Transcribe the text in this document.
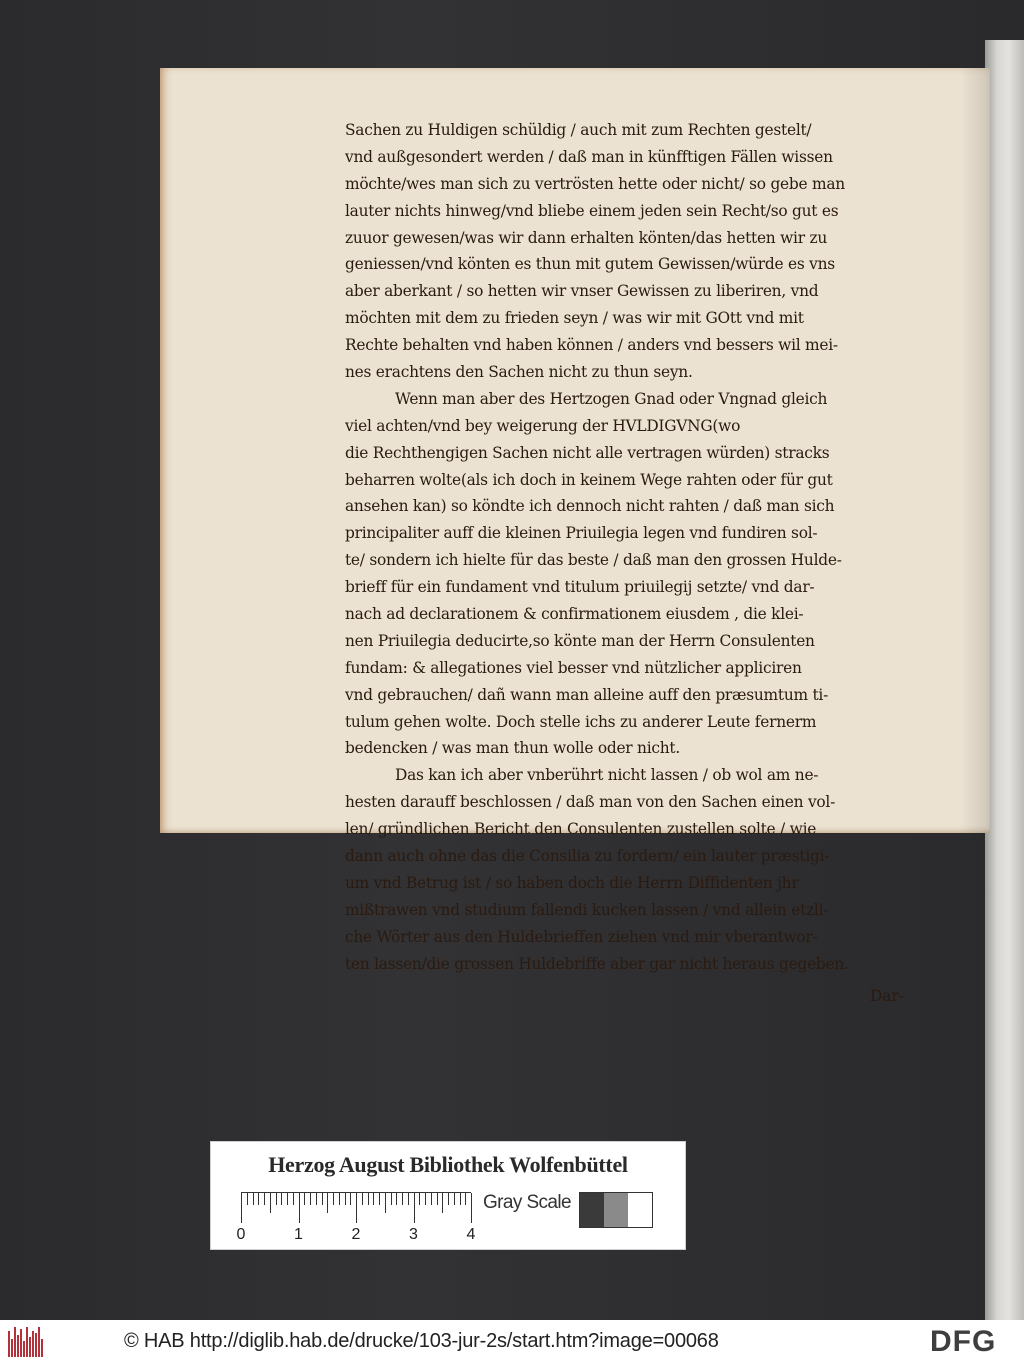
Sachen zu Huldigen schüldig / auch mit zum Rechten gestelt/
vnd außgesondert werden / daß man in künfftigen Fällen wissen
möchte/wes man sich zu vertrösten hette oder nicht/ so gebe man
lauter nichts hinweg/vnd bliebe einem jeden sein Recht/so gut es
zuuor gewesen/was wir dann erhalten könten/das hetten wir zu
geniessen/vnd könten es thun mit gutem Gewissen/würde es vns
aber aberkant / so hetten wir vnser Gewissen zu liberiren, vnd
möchten mit dem zu frieden seyn / was wir mit GOtt vnd mit
Rechte behalten vnd haben können / anders vnd bessers wil mei-
nes erachtens den Sachen nicht zu thun seyn.
Wenn man aber des Hertzogen Gnad oder Vngnad gleich
viel achten/vnd bey weigerung der HVLDIGVNG(wo
die Rechthengigen Sachen nicht alle vertragen würden) stracks
beharren wolte(als ich doch in keinem Wege rahten oder für gut
ansehen kan) so köndte ich dennoch nicht rahten / daß man sich
principaliter auff die kleinen Priuilegia legen vnd fundiren sol-
te/ sondern ich hielte für das beste / daß man den grossen Hulde-
brieff für ein fundament vnd titulum priuilegij setzte/ vnd dar-
nach ad declarationem & confirmationem eiusdem , die klei-
nen Priuilegia deducirte,so könte man der Herrn Consulenten
fundam: & allegationes viel besser vnd nützlicher appliciren
vnd gebrauchen/ dañ wann man alleine auff den præsumtum ti-
tulum gehen wolte. Doch stelle ichs zu anderer Leute fernerm
bedencken / was man thun wolle oder nicht.
Das kan ich aber vnberührt nicht lassen / ob wol am ne-
hesten darauff beschlossen / daß man von den Sachen einen vol-
len/ gründlichen Bericht den Consulenten zustellen solte / wie
dann auch ohne das die Consilia zu fordern/ ein lauter præstigi-
um vnd Betrug ist / so haben doch die Herrn Diffidenten jhr
mißtrawen vnd studium fallendi kucken lassen / vnd allein etzli-
che Wörter aus den Huldebrieffen ziehen vnd mir vberantwor-
ten lassen/die grossen Huldebriffe aber gar nicht heraus gegeben.
Dar-
Herzog August Bibliothek Wolfenbüttel
0	1	2	3	4
Gray Scale
© HAB http://diglib.hab.de/drucke/103-jur-2s/start.htm?image=00068	DFG
